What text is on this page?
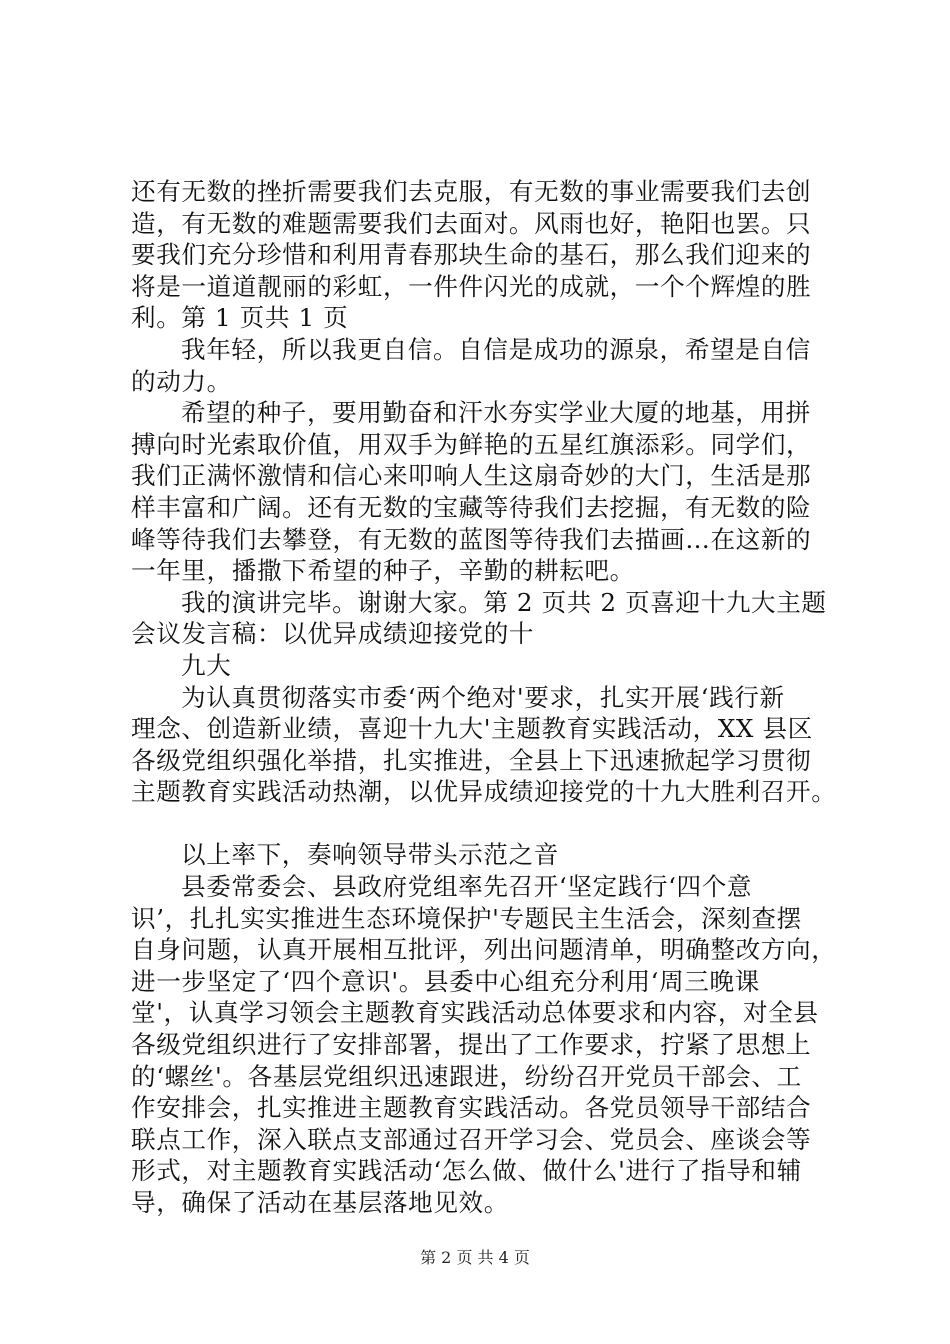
还有无数的挫折需要我们去克服，有无数的事业需要我们去创

造，有无数的难题需要我们去面对。风雨也好，艳阳也罢。只

要我们充分珍惜和利用青春那块生命的基石，那么我们迎来的

将是一道道靓丽的彩虹，一件件闪光的成就，一个个辉煌的胜

利。第 1 页共 1 页

我年轻，所以我更自信。自信是成功的源泉，希望是自信

的动力。

希望的种子，要用勤奋和汗水夯实学业大厦的地基，用拼

搏向时光索取价值，用双手为鲜艳的五星红旗添彩。同学们，

我们正满怀激情和信心来叩响人生这扇奇妙的大门，生活是那

样丰富和广阔。还有无数的宝藏等待我们去挖掘，有无数的险

峰等待我们去攀登，有无数的蓝图等待我们去描画…在这新的

一年里，播撒下希望的种子，辛勤的耕耘吧。

我的演讲完毕。谢谢大家。第 2 页共 2 页喜迎十九大主题

会议发言稿：以优异成绩迎接党的十

九大

为认真贯彻落实市委‘两个绝对'要求，扎实开展‘践行新

理念、创造新业绩，喜迎十九大'主题教育实践活动，XX 县区

各级党组织强化举措，扎实推进，全县上下迅速掀起学习贯彻

主题教育实践活动热潮，以优异成绩迎接党的十九大胜利召开。

以上率下，奏响领导带头示范之音

县委常委会、县政府党组率先召开‘坚定践行‘四个意

识’，扎扎实实推进生态环境保护'专题民主生活会，深刻查摆

自身问题，认真开展相互批评，列出问题清单，明确整改方向，

进一步坚定了‘四个意识'。县委中心组充分利用‘周三晚课

堂'，认真学习领会主题教育实践活动总体要求和内容，对全县

各级党组织进行了安排部署，提出了工作要求，拧紧了思想上

的‘螺丝'。各基层党组织迅速跟进，纷纷召开党员干部会、工

作安排会，扎实推进主题教育实践活动。各党员领导干部结合

联点工作，深入联点支部通过召开学习会、党员会、座谈会等

形式，对主题教育实践活动‘怎么做、做什么'进行了指导和辅

导，确保了活动在基层落地见效。

第 2 页 共 4 页
